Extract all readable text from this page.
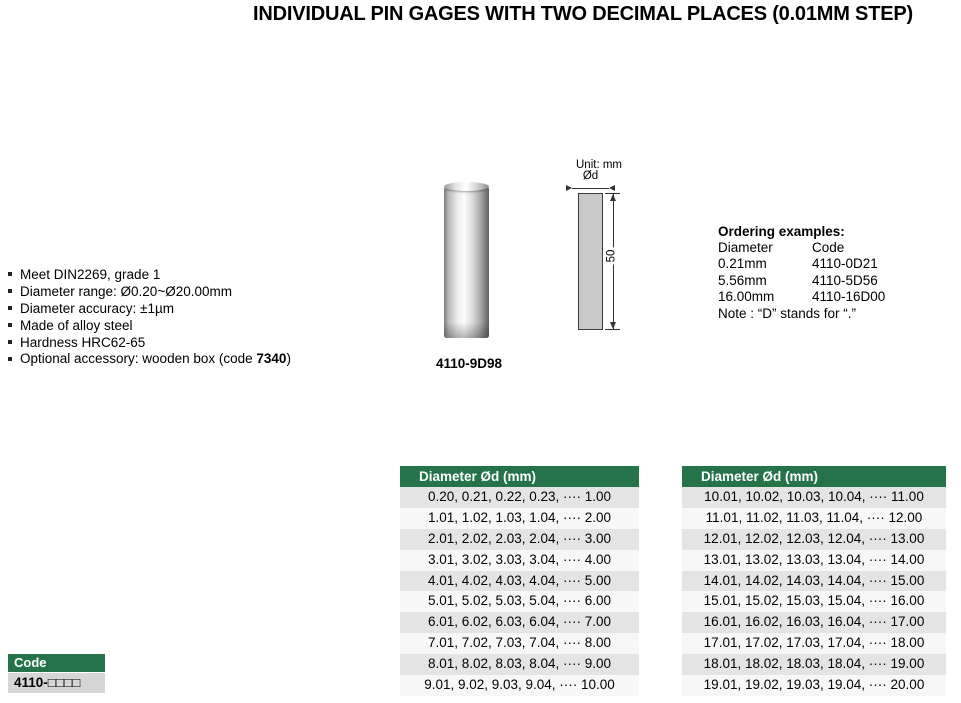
INDIVIDUAL PIN GAGES WITH TWO DECIMAL PLACES (0.01MM STEP)
Meet DIN2269, grade 1
Diameter range: Ø0.20~Ø20.00mm
Diameter accuracy: ±1µm
Made of alloy steel
Hardness HRC62-65
Optional accessory: wooden box (code 7340)	4110-9D98
Unit: mm
Ød
50
Ordering examples:
Diameter	Code
0.21mm	4110-0D21
5.56mm	4110-5D56
16.00mm	4110-16D00
Note : “D” stands for “.”
Code
4110-□□□□
Diameter Ød (mm)
0.20, 0.21, 0.22, 0.23, ···· 1.00
1.01, 1.02, 1.03, 1.04, ···· 2.00
2.01, 2.02, 2.03, 2.04, ···· 3.00
3.01, 3.02, 3.03, 3.04, ···· 4.00
4.01, 4.02, 4.03, 4.04, ···· 5.00
5.01, 5.02, 5.03, 5.04, ···· 6.00
6.01, 6.02, 6.03, 6.04, ···· 7.00
7.01, 7.02, 7.03, 7.04, ···· 8.00
8.01, 8.02, 8.03, 8.04, ···· 9.00
9.01, 9.02, 9.03, 9.04, ···· 10.00
Diameter Ød (mm)
10.01, 10.02, 10.03, 10.04, ···· 11.00
11.01, 11.02, 11.03, 11.04, ···· 12.00
12.01, 12.02, 12.03, 12.04, ···· 13.00
13.01, 13.02, 13.03, 13.04, ···· 14.00
14.01, 14.02, 14.03, 14.04, ···· 15.00
15.01, 15.02, 15.03, 15.04, ···· 16.00
16.01, 16.02, 16.03, 16.04, ···· 17.00
17.01, 17.02, 17.03, 17.04, ···· 18.00
18.01, 18.02, 18.03, 18.04, ···· 19.00
19.01, 19.02, 19.03, 19.04, ···· 20.00
